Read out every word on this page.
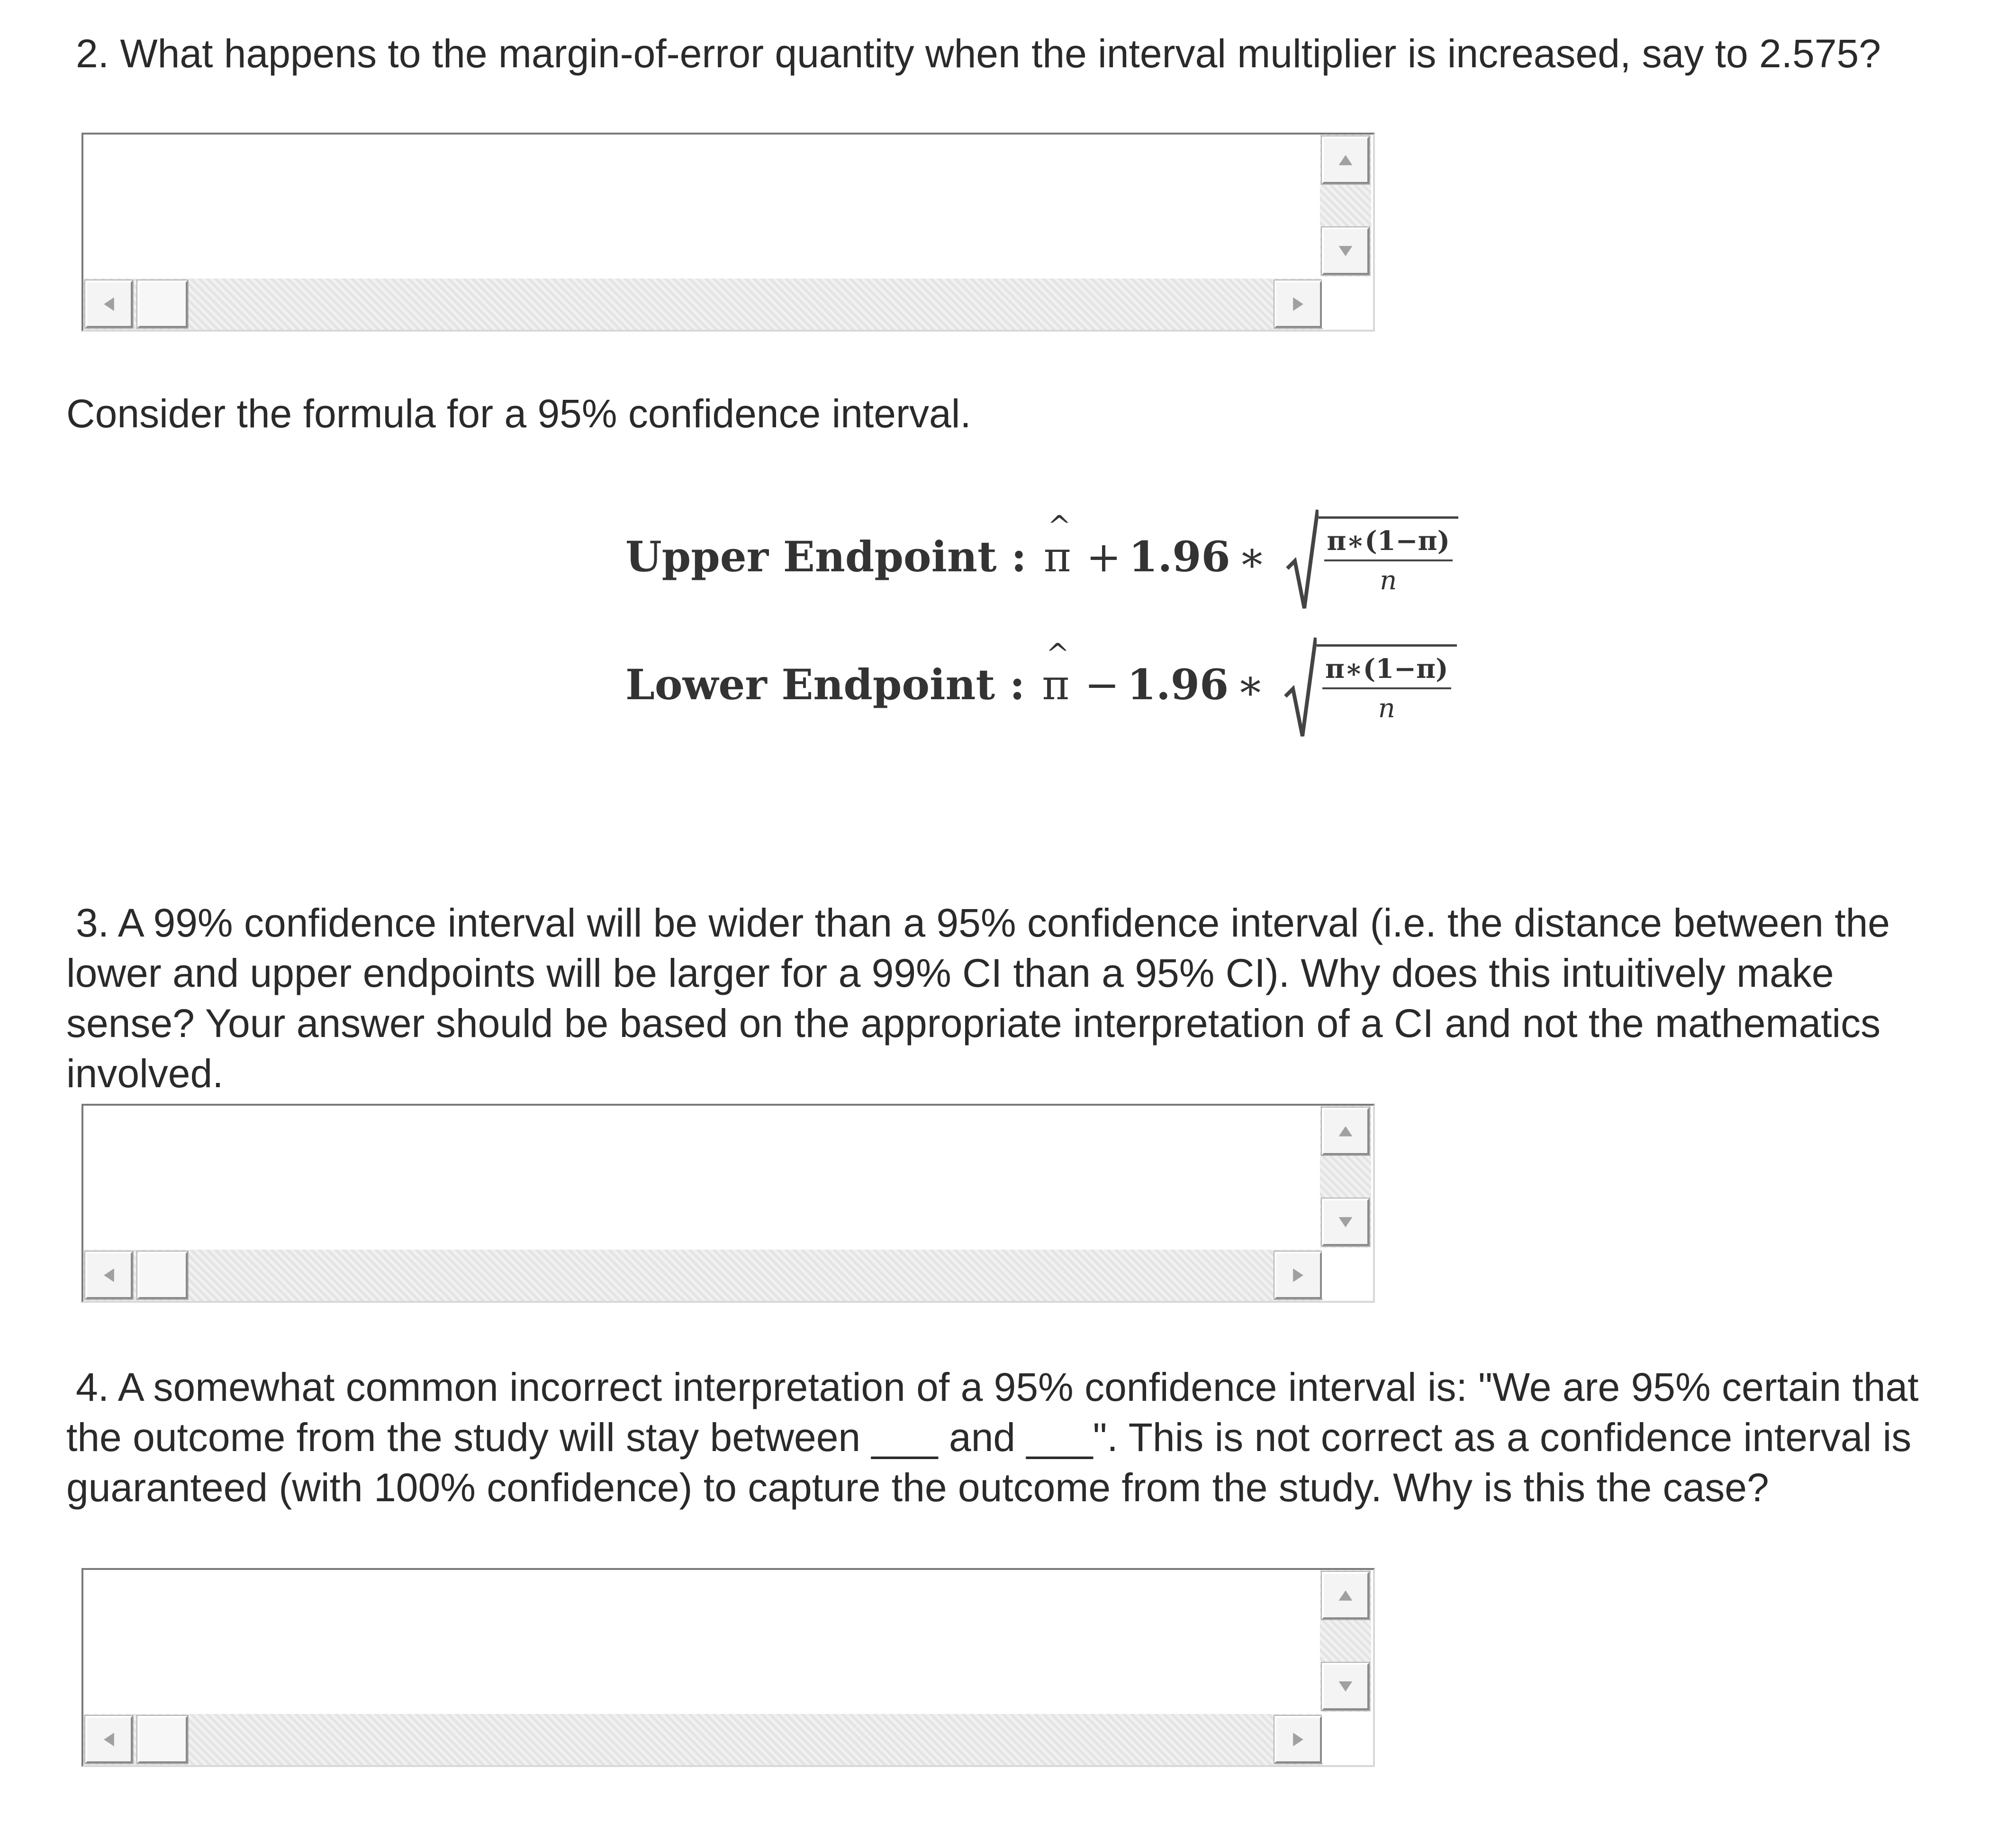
2. What happens to the margin-of-error quantity when the interval multiplier is increased, say to 2.575?

Consider the formula for a 95% confidence interval.
Upper Endpoint : ^ π + 1.96 ∗ $\frac{\pi∗(1-\pi)}{n}$
Lower Endpoint : ^ π − 1.96 ∗ $\frac{\pi∗(1-\pi)}{n}$

3. A 99% confidence interval will be wider than a 95% confidence interval (i.e. the distance between the lower and upper endpoints will be larger for a 99% CI than a 95% CI). Why does this intuitively make sense? Your answer should be based on the appropriate interpretation of a CI and not the mathematics involved.

4. A somewhat common incorrect interpretation of a 95% confidence interval is: "We are 95% certain that the outcome from the study will stay between ___ and ___". This is not correct as a confidence interval is guaranteed (with 100% confidence) to capture the outcome from the study. Why is this the case?
